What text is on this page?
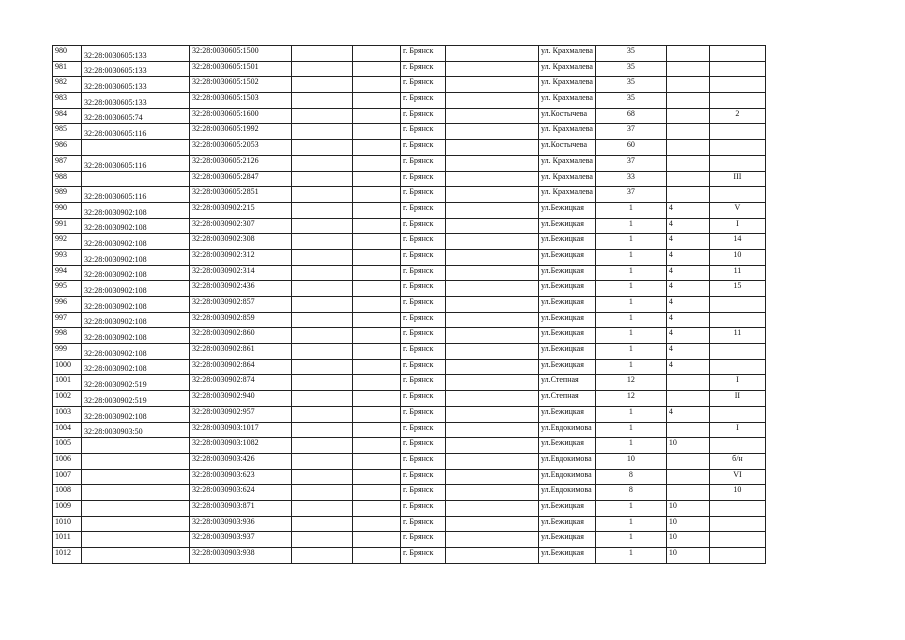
980	32:28:0030605:133	32:28:0030605:1500			г. Брянск		ул. Крахмалева	35		
981	32:28:0030605:133	32:28:0030605:1501			г. Брянск		ул. Крахмалева	35		
982	32:28:0030605:133	32:28:0030605:1502			г. Брянск		ул. Крахмалева	35		
983	32:28:0030605:133	32:28:0030605:1503			г. Брянск		ул. Крахмалева	35		
984	32:28:0030605:74	32:28:0030605:1600			г. Брянск		ул.Костычева	68		2
985	32:28:0030605:116	32:28:0030605:1992			г. Брянск		ул. Крахмалева	37		
986		32:28:0030605:2053			г. Брянск		ул.Костычева	60		
987	32:28:0030605:116	32:28:0030605:2126			г. Брянск		ул. Крахмалева	37		
988		32:28:0030605:2847			г. Брянск		ул. Крахмалева	33		III
989	32:28:0030605:116	32:28:0030605:2851			г. Брянск		ул. Крахмалева	37		
990	32:28:0030902:108	32:28:0030902:215			г. Брянск		ул.Бежицкая	1	4	V
991	32:28:0030902:108	32:28:0030902:307			г. Брянск		ул.Бежицкая	1	4	I
992	32:28:0030902:108	32:28:0030902:308			г. Брянск		ул.Бежицкая	1	4	14
993	32:28:0030902:108	32:28:0030902:312			г. Брянск		ул.Бежицкая	1	4	10
994	32:28:0030902:108	32:28:0030902:314			г. Брянск		ул.Бежицкая	1	4	11
995	32:28:0030902:108	32:28:0030902:436			г. Брянск		ул.Бежицкая	1	4	15
996	32:28:0030902:108	32:28:0030902:857			г. Брянск		ул.Бежицкая	1	4	
997	32:28:0030902:108	32:28:0030902:859			г. Брянск		ул.Бежицкая	1	4	
998	32:28:0030902:108	32:28:0030902:860			г. Брянск		ул.Бежицкая	1	4	11
999	32:28:0030902:108	32:28:0030902:861			г. Брянск		ул.Бежицкая	1	4	
1000	32:28:0030902:108	32:28:0030902:864			г. Брянск		ул.Бежицкая	1	4	
1001	32:28:0030902:519	32:28:0030902:874			г. Брянск		ул.Степная	12		I
1002	32:28:0030902:519	32:28:0030902:940			г. Брянск		ул.Степная	12		II
1003	32:28:0030902:108	32:28:0030902:957			г. Брянск		ул.Бежицкая	1	4	
1004	32:28:0030903:50	32:28:0030903:1017			г. Брянск		ул.Евдокимова	1		I
1005		32:28:0030903:1082			г. Брянск		ул.Бежицкая	1	10	
1006		32:28:0030903:426			г. Брянск		ул.Евдокимова	10		б/н
1007		32:28:0030903:623			г. Брянск		ул.Евдокимова	8		VI
1008		32:28:0030903:624			г. Брянск		ул.Евдокимова	8		10
1009		32:28:0030903:871			г. Брянск		ул.Бежицкая	1	10	
1010		32:28:0030903:936			г. Брянск		ул.Бежицкая	1	10	
1011		32:28:0030903:937			г. Брянск		ул.Бежицкая	1	10	
1012		32:28:0030903:938			г. Брянск		ул.Бежицкая	1	10	
